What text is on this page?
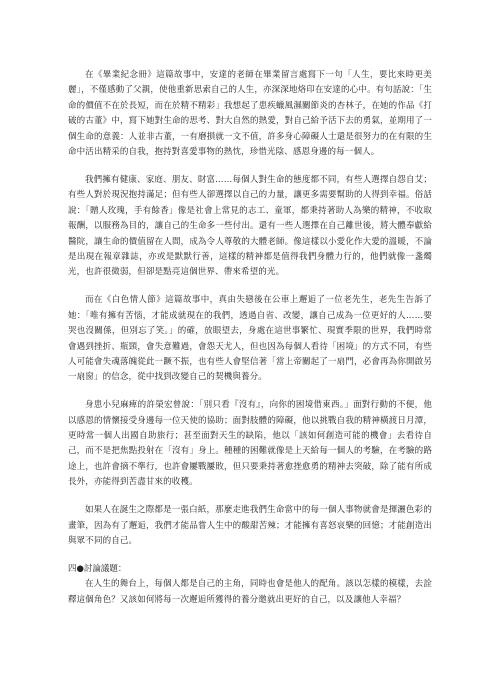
在《畢業紀念冊》這篇故事中，安達的老師在畢業留言處寫下一句「人生，要比來時更美麗」，不僅感動了父親，使他重新思索自己的人生，亦深深地烙印在安達的心中。有句話說：「生命的價值不在於長短，而在於精不精彩」我想起了患疾蠟風濕關節炎的杏林子，在她的作品《打破的古董》中，寫下她對生命的思考、對大自然的熱愛，對自己給予活下去的勇氣，並期用了一個生命的意義：人並非古董，一有磨損就一文不值，許多身心障礙人士還是很努力的在有限的生命中活出精采的自我，抱持對喜愛事物的熱忱，珍惜光陰、感恩身邊的每一個人。

我們擁有健康、家庭、朋友、財富……每個人對生命的態度都不同，有些人選擇自怨自艾；有些人對於現況抱持滿足；但有些人卻選擇以自己的力量，讓更多需要幫助的人得到幸福。俗話說：「贈人玫瑰，手有餘香」像是社會上常見的志工、童軍，都秉持著助人為樂的精神，不收取報酬，以服務為目的，讓自己的生命多一些付出。還有一些人選擇在自己離世後，將大體奉獻給醫院，讓生命的價值留在人間，成為令人尊敬的大體老師。像這樣以小愛化作大愛的溫暖，不論是出現在報章雜誌，亦或是默默行善，這樣的精神都是值得我們身體力行的，他們就像一盞燭光，也許很微弱，但卻是點亮這個世界、帶來希望的光。

而在《白色情人節》這篇故事中，真由失戀後在公車上邂逅了一位老先生，老先生告訴了她：「唯有擁有苦惱，才能成就現在的我們，透過自省、改變，讓自己成為一位更好的人……要哭也沒關係，但別忘了笑。」的確，放眼望去，身處在這世事繁忙、現實季限的世界，我們時常會遇到挫折、瓶頸，會失意難過，會怨天尤人，但也因為每個人看待「困境」的方式不同，有些人可能會失魂落魄從此一蹶不振，也有些人會堅信著「當上帝關起了一扇門，必會再為你開啟另一扇窗」的信念，從中找到改變自己的契機與養分。

身患小兒麻痺的許榮宏曾說：「別只看『沒有』，向你的困境借東西。」面對行動的不便，他以感恩的情懷接受身邊每一位天使的協助；面對肢體的障礙，他以挑戰自我的精神橫渡日月潭，更時常一個人出國自助旅行；甚至面對天生的缺陷，他以「該如何創造可能的機會」去看待自己，而不是把焦點投射在「沒有」身上。種種的困難就像是上天給每一個人的考驗，在考驗的路途上，也許會摘不準行，也許會屢戰屢敗，但只要秉持著愈挫愈勇的精神去突破，除了能有所成長外，亦能得到苦盡甘來的收穫。

如果人在誕生之際都是一張白紙，那麼走進我們生命當中的每一個人事物就會是揮灑色彩的畫筆，因為有了邂逅，我們才能品嘗人生中的酸甜苦辣；才能擁有喜怒哀樂的回憶；才能創造出與眾不同的自己。

四●討論議題：

在人生的舞台上，每個人都是自己的主角，同時也會是他人的配角。該以怎樣的模樣，去詮釋這個角色？又該如何將每一次邂逅所獲得的養分邀就出更好的自己，以及讓他人幸福？
